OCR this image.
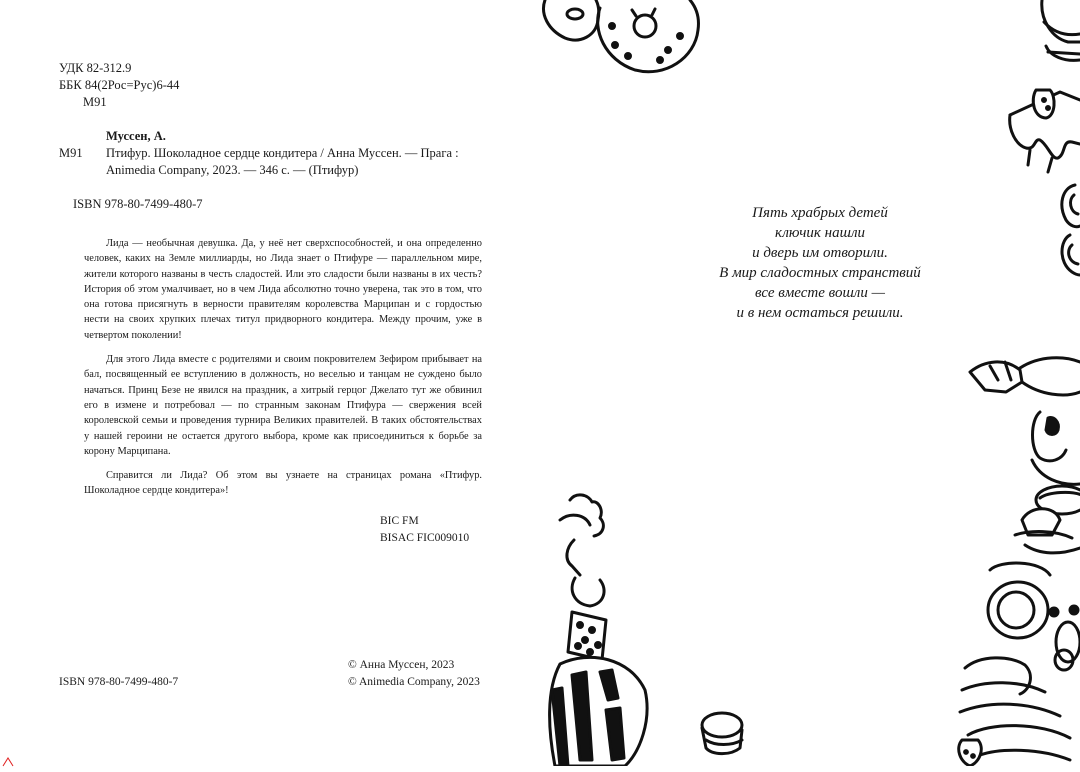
УДК 82-312.9
ББК 84(2Рос=Рус)6-44
М91
Муссен, А.
М91 Птифур. Шоколадное сердце кондитера / Анна Муссен. — Прага :
Animedia Company, 2023. — 346 с. — (Птифур)
ISBN 978-80-7499-480-7

Лида — необычная девушка. Да, у неё нет сверхспособностей, и она определенно человек, каких на Земле миллиарды, но Лида знает о Птифуре — параллельном мире, жители которого названы в честь сладостей. Или это сладости были названы в их честь? История об этом умалчивает, но в чем Лида абсолютно точно уверена, так это в том, что она готова присягнуть в верности правителям королевства Марципан и с гордостью нести на своих хрупких плечах титул придворного кондитера. Между прочим, уже в четвертом поколении!

Для этого Лида вместе с родителями и своим покровителем Зефиром прибывает на бал, посвященный ее вступлению в должность, но веселью и танцам не суждено было начаться. Принц Безе не явился на праздник, а хитрый герцог Джелато тут же обвинил его в измене и потребовал — по странным законам Птифура — свержения всей королевской семьи и проведения турнира Великих правителей. В таких обстоятельствах у нашей героини не остается другого выбора, кроме как присоединиться к борьбе за корону Марципана.

Справится ли Лида? Об этом вы узнаете на страницах романа «Птифур. Шоколадное сердце кондитера»!

BIC FM
BISAC FIC009010
ISBN 978-80-7499-480-7
© Анна Муссен, 2023
© Animedia Company, 2023
Пять храбрых детей
ключик нашли
и дверь им отворили.
В мир сладостных странствий
все вместе вошли —
и в нем остаться решили.
